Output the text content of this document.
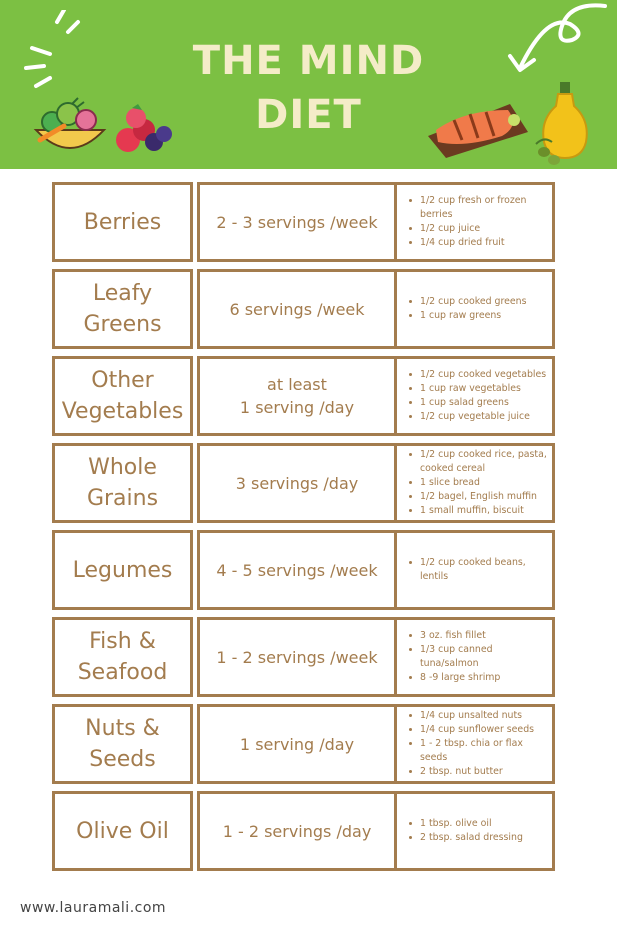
THE MIND
DIET
Berries
1/2 cup fresh or frozen berries
1/2 cup juice
1/4 cup dried fruit
2 - 3 servings /week
Leafy
Greens
1/2 cup cooked greens
1 cup raw greens
6 servings /week
Other
Vegetables
1/2 cup cooked vegetables
1 cup raw vegetables
1 cup salad greens
1/2 cup vegetable juice
at least
1 serving /day
Whole
Grains
1/2 cup cooked rice, pasta, cooked cereal
1 slice bread
1/2 bagel, English muffin
1 small muffin, biscuit
3 servings /day
Legumes	1/2 cup cooked beans, lentils
4 - 5 servings /week
Fish &
Seafood
3 oz. fish fillet
1/3 cup canned tuna/salmon
8 -9 large shrimp
1 - 2 servings /week
Nuts &
Seeds
1/4 cup unsalted nuts
1/4 cup sunflower seeds
1 - 2 tbsp. chia or flax seeds
2 tbsp. nut butter
1 serving /day
Olive Oil	1 tbsp. olive oil
2 tbsp. salad dressing
1 - 2 servings /day
www.lauramali.com
